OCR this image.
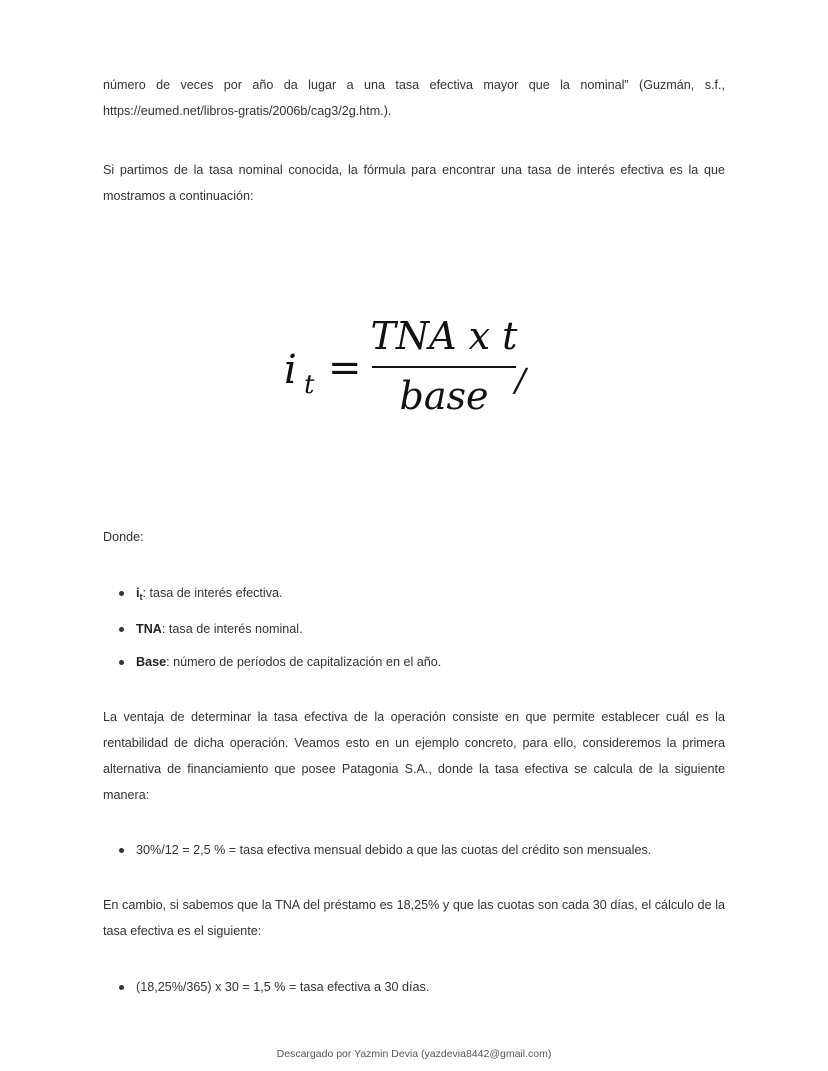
número de veces por año da lugar a una tasa efectiva mayor que la nominal” (Guzmán, s.f., https://eumed.net/libros-gratis/2006b/cag3/2g.htm.).

Si partimos de la tasa nominal conocida, la fórmula para encontrar una tasa de interés efectiva es la que mostramos a continuación:

i t =
TNA x t
base /

Donde:

$i_t$: tasa de interés efectiva.
TNA: tasa de interés nominal.
Base: número de períodos de capitalización en el año.

La ventaja de determinar la tasa efectiva de la operación consiste en que permite establecer cuál es la rentabilidad de dicha operación. Veamos esto en un ejemplo concreto, para ello, consideremos la primera alternativa de financiamiento que posee Patagonia S.A., donde la tasa efectiva se calcula de la siguiente manera:

30%/12 = 2,5 % = tasa efectiva mensual debido a que las cuotas del crédito son mensuales.

En cambio, si sabemos que la TNA del préstamo es 18,25% y que las cuotas son cada 30 días, el cálculo de la tasa efectiva es el siguiente:

(18,25%/365) x 30 = 1,5 % = tasa efectiva a 30 días.
Descargado por Yazmin Devia (yazdevia8442@gmail.com)
